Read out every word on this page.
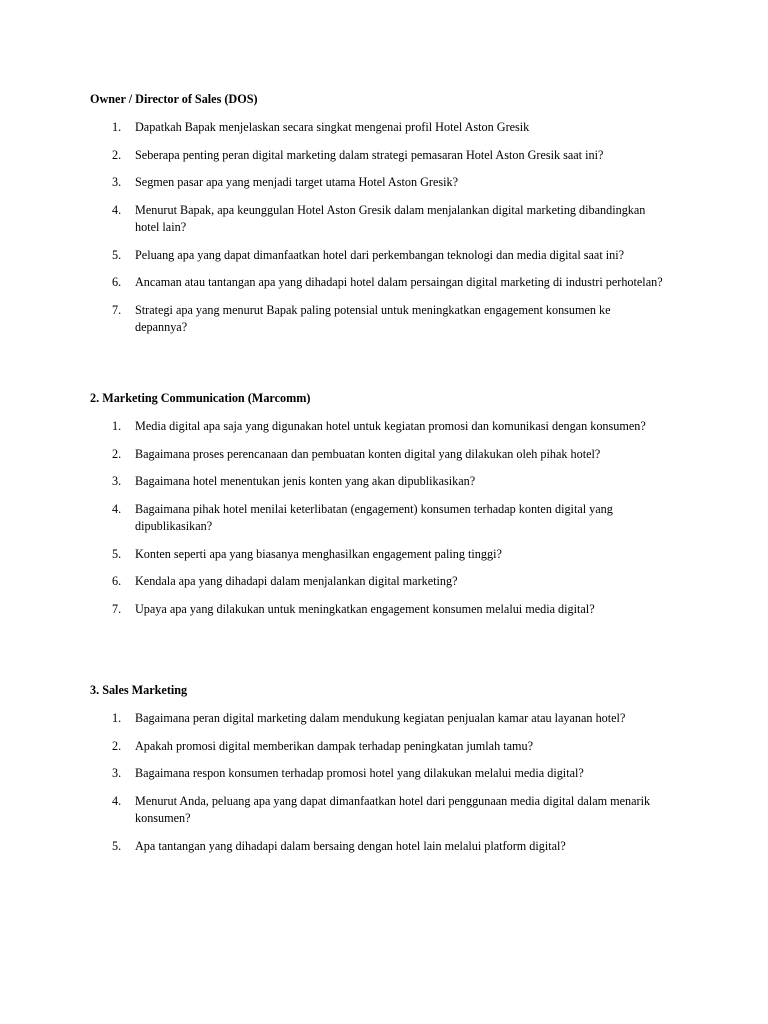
Owner / Director of Sales (DOS)

1.	Dapatkah Bapak menjelaskan secara singkat mengenai profil Hotel Aston Gresik
2.	Seberapa penting peran digital marketing dalam strategi pemasaran Hotel Aston Gresik saat ini?
3.	Segmen pasar apa yang menjadi target utama Hotel Aston Gresik?
4.	Menurut Bapak, apa keunggulan Hotel Aston Gresik dalam menjalankan digital marketing dibandingkan hotel lain?
5.	Peluang apa yang dapat dimanfaatkan hotel dari perkembangan teknologi dan media digital saat ini?
6.	Ancaman atau tantangan apa yang dihadapi hotel dalam persaingan digital marketing di industri perhotelan?
7.	Strategi apa yang menurut Bapak paling potensial untuk meningkatkan engagement konsumen ke depannya?

2. Marketing Communication (Marcomm)

1.	Media digital apa saja yang digunakan hotel untuk kegiatan promosi dan komunikasi dengan konsumen?
2.	Bagaimana proses perencanaan dan pembuatan konten digital yang dilakukan oleh pihak hotel?
3.	Bagaimana hotel menentukan jenis konten yang akan dipublikasikan?
4.	Bagaimana pihak hotel menilai keterlibatan (engagement) konsumen terhadap konten digital yang dipublikasikan?
5.	Konten seperti apa yang biasanya menghasilkan engagement paling tinggi?
6.	Kendala apa yang dihadapi dalam menjalankan digital marketing?
7.	Upaya apa yang dilakukan untuk meningkatkan engagement konsumen melalui media digital?

3. Sales Marketing

1.	Bagaimana peran digital marketing dalam mendukung kegiatan penjualan kamar atau layanan hotel?
2.	Apakah promosi digital memberikan dampak terhadap peningkatan jumlah tamu?
3.	Bagaimana respon konsumen terhadap promosi hotel yang dilakukan melalui media digital?
4.	Menurut Anda, peluang apa yang dapat dimanfaatkan hotel dari penggunaan media digital dalam menarik konsumen?
5.	Apa tantangan yang dihadapi dalam bersaing dengan hotel lain melalui platform digital?
